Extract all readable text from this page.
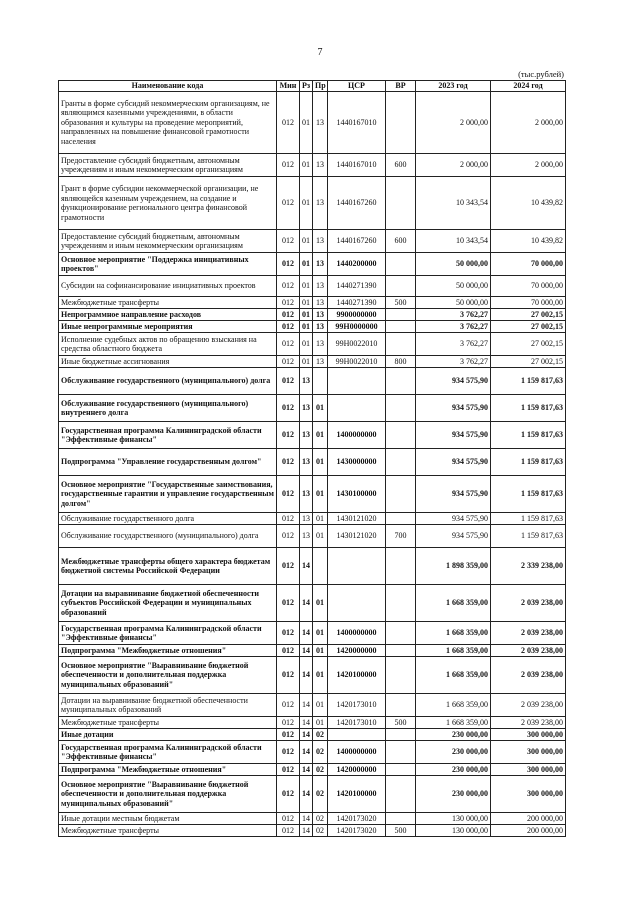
7
(тыс.рублей)
Наименование кода	Мин	Рз	Пр	ЦСР	ВР	2023 год	2024 год
Гранты в форме субсидий некоммерческим организациям, не являющимся казенными учреждениями, в области образования и культуры на проведение мероприятий, направленных на повышение финансовой грамотности населения	012	01	13	1440167010		2 000,00	2 000,00
Предоставление субсидий бюджетным, автономным учреждениям и иным некоммерческим организациям	012	01	13	1440167010	600	2 000,00	2 000,00
Грант в форме субсидии некоммерческой организации, не являющейся казенным учреждением, на создание и функционирование регионального центра финансовой грамотности	012	01	13	1440167260		10 343,54	10 439,82
Предоставление субсидий бюджетным, автономным учреждениям и иным некоммерческим организациям	012	01	13	1440167260	600	10 343,54	10 439,82
Основное мероприятие "Поддержка инициативных проектов"	012	01	13	1440200000		50 000,00	70 000,00
Субсидии на софинансирование инициативных проектов	012	01	13	1440271390		50 000,00	70 000,00
Межбюджетные трансферты	012	01	13	1440271390	500	50 000,00	70 000,00
Непрограммное направление расходов	012	01	13	9900000000		3 762,27	27 002,15
Иные непрограммные мероприятия	012	01	13	99Н0000000		3 762,27	27 002,15
Исполнение судебных актов по обращению взыскания на средства областного бюджета	012	01	13	99Н0022010		3 762,27	27 002,15
Иные бюджетные ассигнования	012	01	13	99Н0022010	800	3 762,27	27 002,15
Обслуживание государственного (муниципального) долга	012	13				934 575,90	1 159 817,63
Обслуживание государственного (муниципального) внутреннего долга	012	13	01			934 575,90	1 159 817,63
Государственная программа Калининградской области "Эффективные финансы"	012	13	01	1400000000		934 575,90	1 159 817,63
Подпрограмма "Управление государственным долгом"	012	13	01	1430000000		934 575,90	1 159 817,63
Основное мероприятие "Государственные заимствования, государственные гарантии и управление государственным долгом"	012	13	01	1430100000		934 575,90	1 159 817,63
Обслуживание государственного долга	012	13	01	1430121020		934 575,90	1 159 817,63
Обслуживание государственного (муниципального) долга	012	13	01	1430121020	700	934 575,90	1 159 817,63
Межбюджетные трансферты общего характера бюджетам бюджетной системы Российской Федерации	012	14				1 898 359,00	2 339 238,00
Дотации на выравнивание бюджетной обеспеченности субъектов Российской Федерации и муниципальных образований	012	14	01			1 668 359,00	2 039 238,00
Государственная программа Калининградской области "Эффективные финансы"	012	14	01	1400000000		1 668 359,00	2 039 238,00
Подпрограмма "Межбюджетные отношения"	012	14	01	1420000000		1 668 359,00	2 039 238,00
Основное мероприятие "Выравнивание бюджетной обеспеченности и дополнительная поддержка муниципальных образований"	012	14	01	1420100000		1 668 359,00	2 039 238,00
Дотации на выравнивание бюджетной обеспеченности муниципальных образований	012	14	01	1420173010		1 668 359,00	2 039 238,00
Межбюджетные трансферты	012	14	01	1420173010	500	1 668 359,00	2 039 238,00
Иные дотации	012	14	02			230 000,00	300 000,00
Государственная программа Калининградской области "Эффективные финансы"	012	14	02	1400000000		230 000,00	300 000,00
Подпрограмма "Межбюджетные отношения"	012	14	02	1420000000		230 000,00	300 000,00
Основное мероприятие "Выравнивание бюджетной обеспеченности и дополнительная поддержка муниципальных образований"	012	14	02	1420100000		230 000,00	300 000,00
Иные дотации местным бюджетам	012	14	02	1420173020		130 000,00	200 000,00
Межбюджетные трансферты	012	14	02	1420173020	500	130 000,00	200 000,00
